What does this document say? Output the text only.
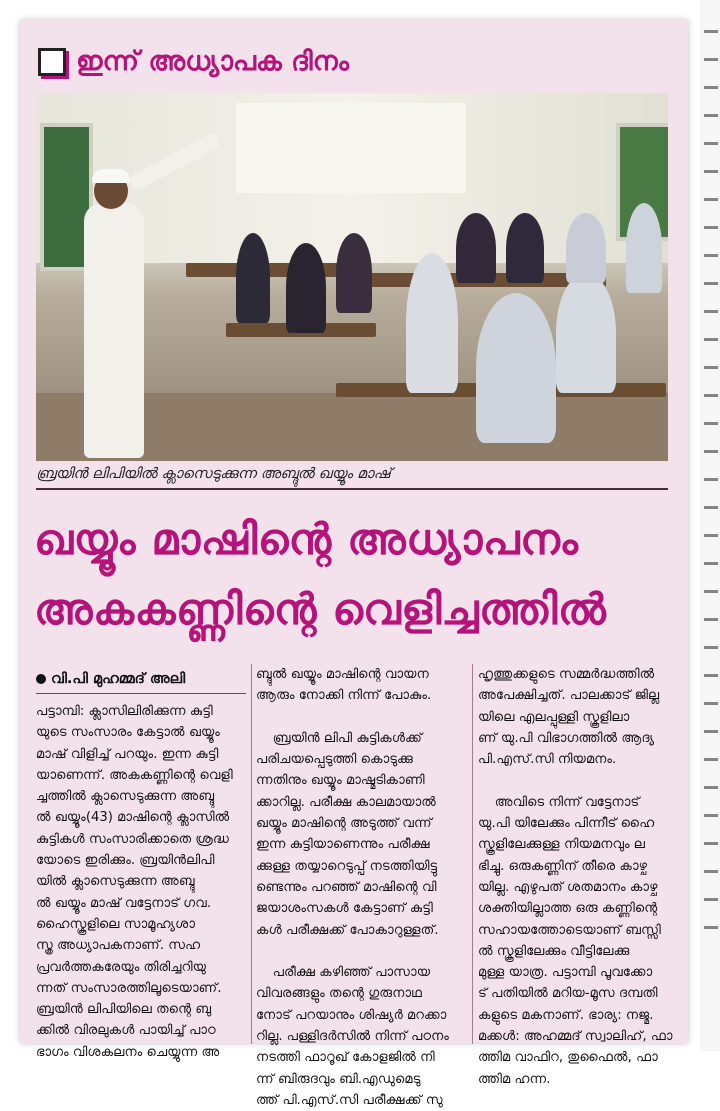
ഇന്ന് അധ്യാപക ദിനം
ബ്രയിൻ ലിപിയിൽ ക്ലാസെടുക്കുന്ന അബ്ദുൽ ഖയ്യൂം മാഷ്
ഖയ്യൂം മാഷിന്റെ അധ്യാപനം
അകകണ്ണിന്റെ വെളിച്ചത്തിൽ
വി.പി മുഹമ്മദ് അലി
പട്ടാമ്പി: ക്ലാസിലിരിക്കുന്ന കുട്ടി
യുടെ സംസാരം കേട്ടാൽ ഖയ്യൂം
മാഷ് വിളിച്ച് പറയും. ഇന്ന കുട്ടി
യാണെന്ന്. അകകണ്ണിന്റെ വെളി
ച്ചത്തിൽ ക്ലാസെടുക്കുന്ന അബ്ദു
ൽ ഖയ്യൂം(43) മാഷിന്റെ ക്ലാസിൽ
കുട്ടികൾ സംസാരിക്കാതെ ശ്രദ്ധ
യോടെ ഇരിക്കും. ബ്രയിൻലിപി
യിൽ ക്ലാസെടുക്കുന്ന അബ്ദു
ൽ ഖയ്യൂം മാഷ് വട്ടേനാട് ഗവ.
ഹൈസ്കൂളിലെ സാമൂഹ്യശാ
സ്ത്ര അധ്യാപകനാണ്. സഹ
പ്രവർത്തകരേയും തിരിച്ചറിയു
ന്നത് സംസാരത്തിലൂടെയാണ്.
ബ്രയിൻ ലിപിയിലെ തന്റെ ബു
ക്കിൽ വിരലുകൾ പായിച്ച് പാഠ
ഭാഗം വിശകലനം ചെയ്യുന്ന അ
ബ്ദുൽ ഖയ്യൂം മാഷിന്റെ വായന
ആരും നോക്കി നിന്ന് പോകും.

ബ്രയിൻ ലിപി കുട്ടികൾക്ക്
പരിചയപ്പെടുത്തി കൊടുക്കു
ന്നതിനും ഖയ്യൂം മാഷ്മടികാണി
ക്കാറില്ല. പരീക്ഷ കാലമായാൽ
ഖയ്യൂം മാഷിന്റെ അടുത്ത് വന്ന്
ഇന്ന കുട്ടിയാണെന്നും പരീക്ഷ
ക്കുള്ള തയ്യാറെടുപ്പ് നടത്തിയിട്ടു
ണ്ടെന്നും പറഞ്ഞ് മാഷിന്റെ വി
ജയാശംസകൾ കേട്ടാണ് കുട്ടി
കൾ പരീക്ഷക്ക് പോകാറുള്ളത്.

പരീക്ഷ കഴിഞ്ഞ് പാസായ
വിവരങ്ങളും തന്റെ ഗുരുനാഥ
നോട് പറയാനും ശിഷ്യർ മറക്കാ
റില്ല. പള്ളിദർസിൽ നിന്ന് പഠനം
നടത്തി ഫാറൂഖ് കോളജിൽ നി
ന്ന് ബിരുദവും ബി.എഡുമെടു
ത്ത് പി.എസ്.സി പരീക്ഷക്ക് സു
ഹൃത്തുക്കളുടെ സമ്മർദ്ധത്തിൽ
അപേക്ഷിച്ചത്. പാലക്കാട് ജില്ല
യിലെ എലപ്പുള്ളി സ്കൂളിലാ
ണ് യു.പി വിഭാഗത്തിൽ ആദ്യ
പി.എസ്.സി നിയമനം.

അവിടെ നിന്ന് വട്ടേനാട്
യു.പി യിലേക്കും പിന്നീട് ഹൈ
സ്കൂളിലേക്കുള്ള നിയമനവും ല
ഭിച്ചു. ഒരുകണ്ണിന് തീരെ കാഴ്ച
യില്ല. എഴുപത് ശതമാനം കാഴ്ച
ശക്തിയില്ലാത്ത ഒരു കണ്ണിന്റെ
സഹായത്തോടെയാണ് ബസ്സി
ൽ സ്കൂളിലേക്കും വീട്ടിലേക്കു
മുള്ള യാത്ര. പട്ടാമ്പി പൂവക്കോ
ട് പതിയിൽ മറിയ-മൂസ ദമ്പതി
കളുടെ മകനാണ്. ഭാര്യ: നജ്മ.
മക്കൾ: അഹമ്മദ് സ്വാലിഹ്, ഫാ
ത്തിമ വാഫിറ, തുഫൈൽ, ഫാ
ത്തിമ ഹന്ന.
